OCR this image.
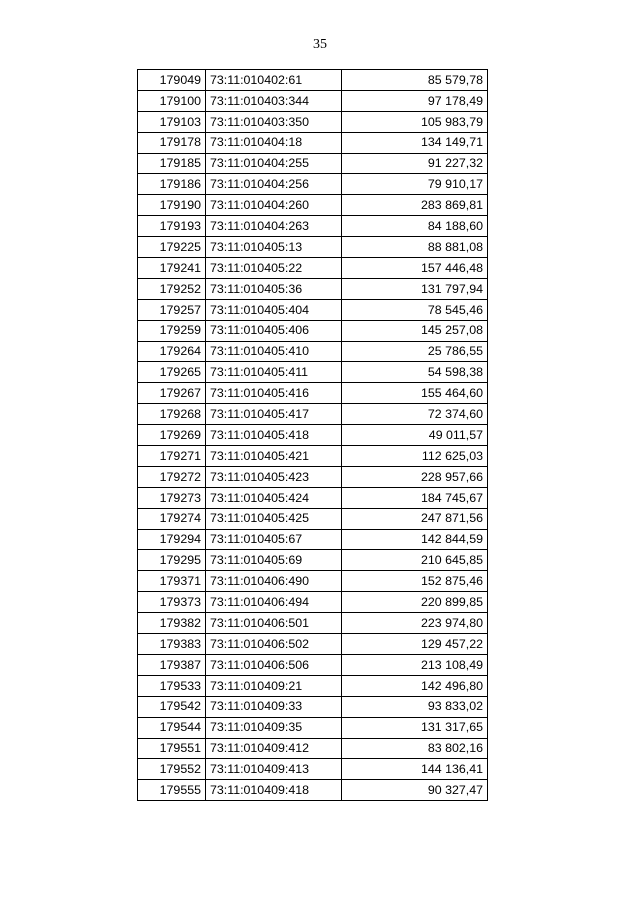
35
179049	73:11:010402:61	85 579,78
179100	73:11:010403:344	97 178,49
179103	73:11:010403:350	105 983,79
179178	73:11:010404:18	134 149,71
179185	73:11:010404:255	91 227,32
179186	73:11:010404:256	79 910,17
179190	73:11:010404:260	283 869,81
179193	73:11:010404:263	84 188,60
179225	73:11:010405:13	88 881,08
179241	73:11:010405:22	157 446,48
179252	73:11:010405:36	131 797,94
179257	73:11:010405:404	78 545,46
179259	73:11:010405:406	145 257,08
179264	73:11:010405:410	25 786,55
179265	73:11:010405:411	54 598,38
179267	73:11:010405:416	155 464,60
179268	73:11:010405:417	72 374,60
179269	73:11:010405:418	49 011,57
179271	73:11:010405:421	112 625,03
179272	73:11:010405:423	228 957,66
179273	73:11:010405:424	184 745,67
179274	73:11:010405:425	247 871,56
179294	73:11:010405:67	142 844,59
179295	73:11:010405:69	210 645,85
179371	73:11:010406:490	152 875,46
179373	73:11:010406:494	220 899,85
179382	73:11:010406:501	223 974,80
179383	73:11:010406:502	129 457,22
179387	73:11:010406:506	213 108,49
179533	73:11:010409:21	142 496,80
179542	73:11:010409:33	93 833,02
179544	73:11:010409:35	131 317,65
179551	73:11:010409:412	83 802,16
179552	73:11:010409:413	144 136,41
179555	73:11:010409:418	90 327,47
